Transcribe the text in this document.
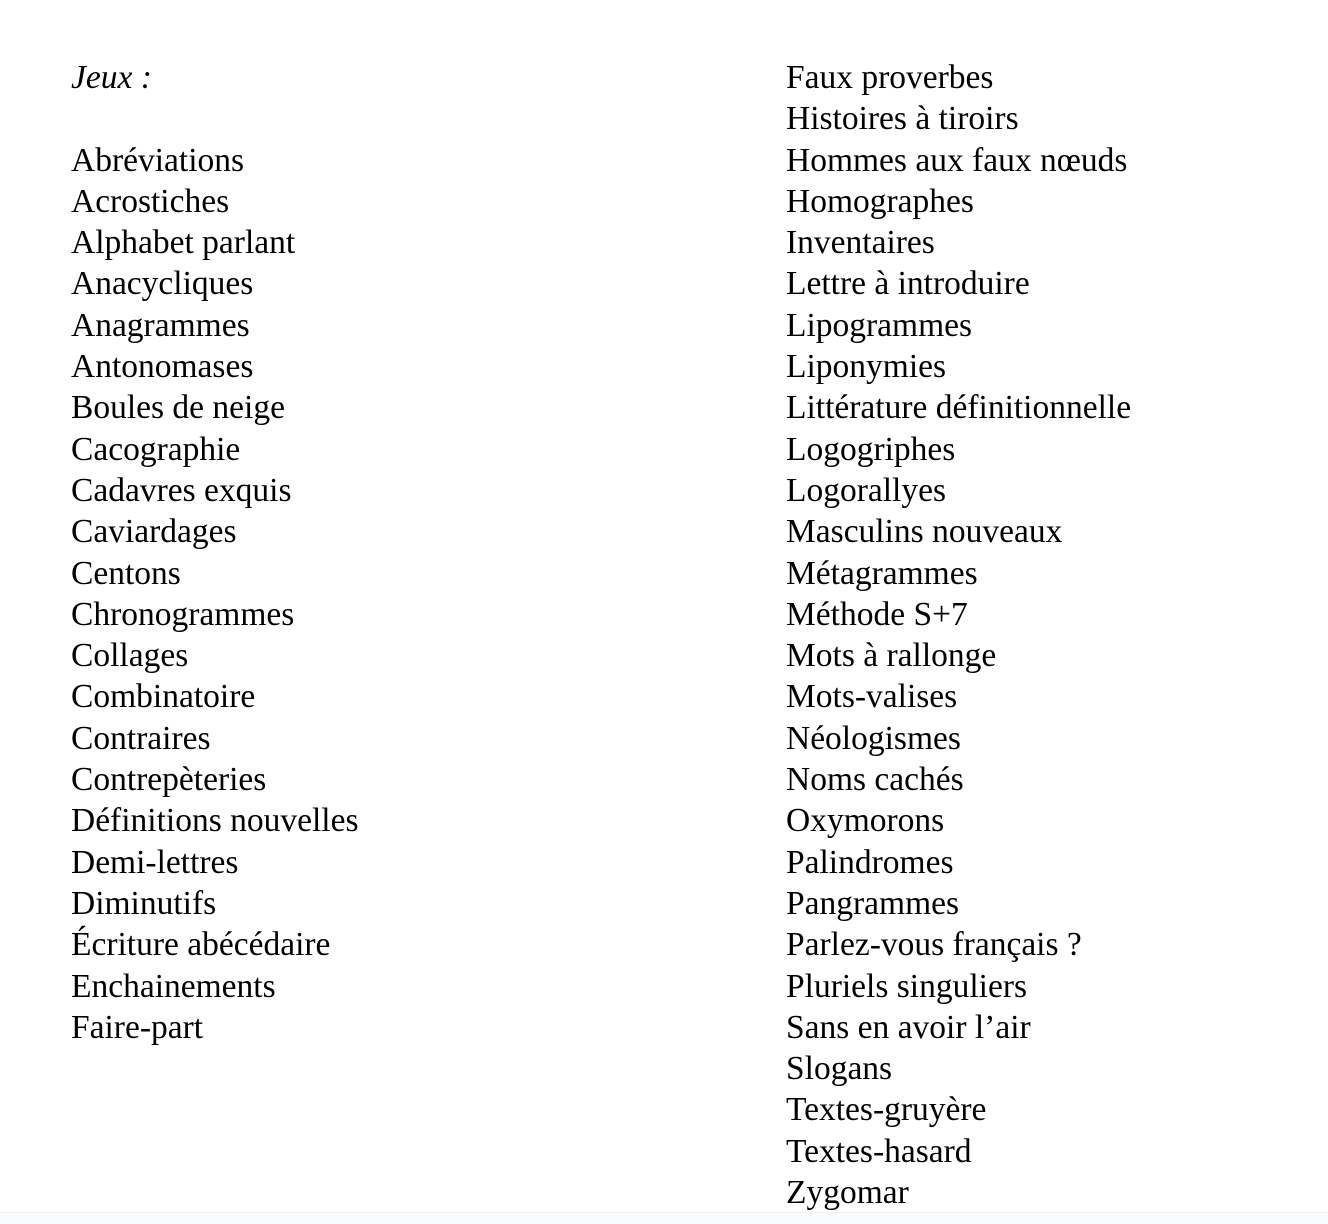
Jeux :
Abréviations
Acrostiches
Alphabet parlant
Anacycliques
Anagrammes
Antonomases
Boules de neige
Cacographie
Cadavres exquis
Caviardages
Centons
Chronogrammes
Collages
Combinatoire
Contraires
Contrepèteries
Définitions nouvelles
Demi-lettres
Diminutifs
Écriture abécédaire
Enchainements
Faire-part
Faux proverbes
Histoires à tiroirs
Hommes aux faux nœuds
Homographes
Inventaires
Lettre à introduire
Lipogrammes
Liponymies
Littérature définitionnelle
Logogriphes
Logorallyes
Masculins nouveaux
Métagrammes
Méthode S+7
Mots à rallonge
Mots-valises
Néologismes
Noms cachés
Oxymorons
Palindromes
Pangrammes
Parlez-vous français ?
Pluriels singuliers
Sans en avoir l’air
Slogans
Textes-gruyère
Textes-hasard
Zygomar
